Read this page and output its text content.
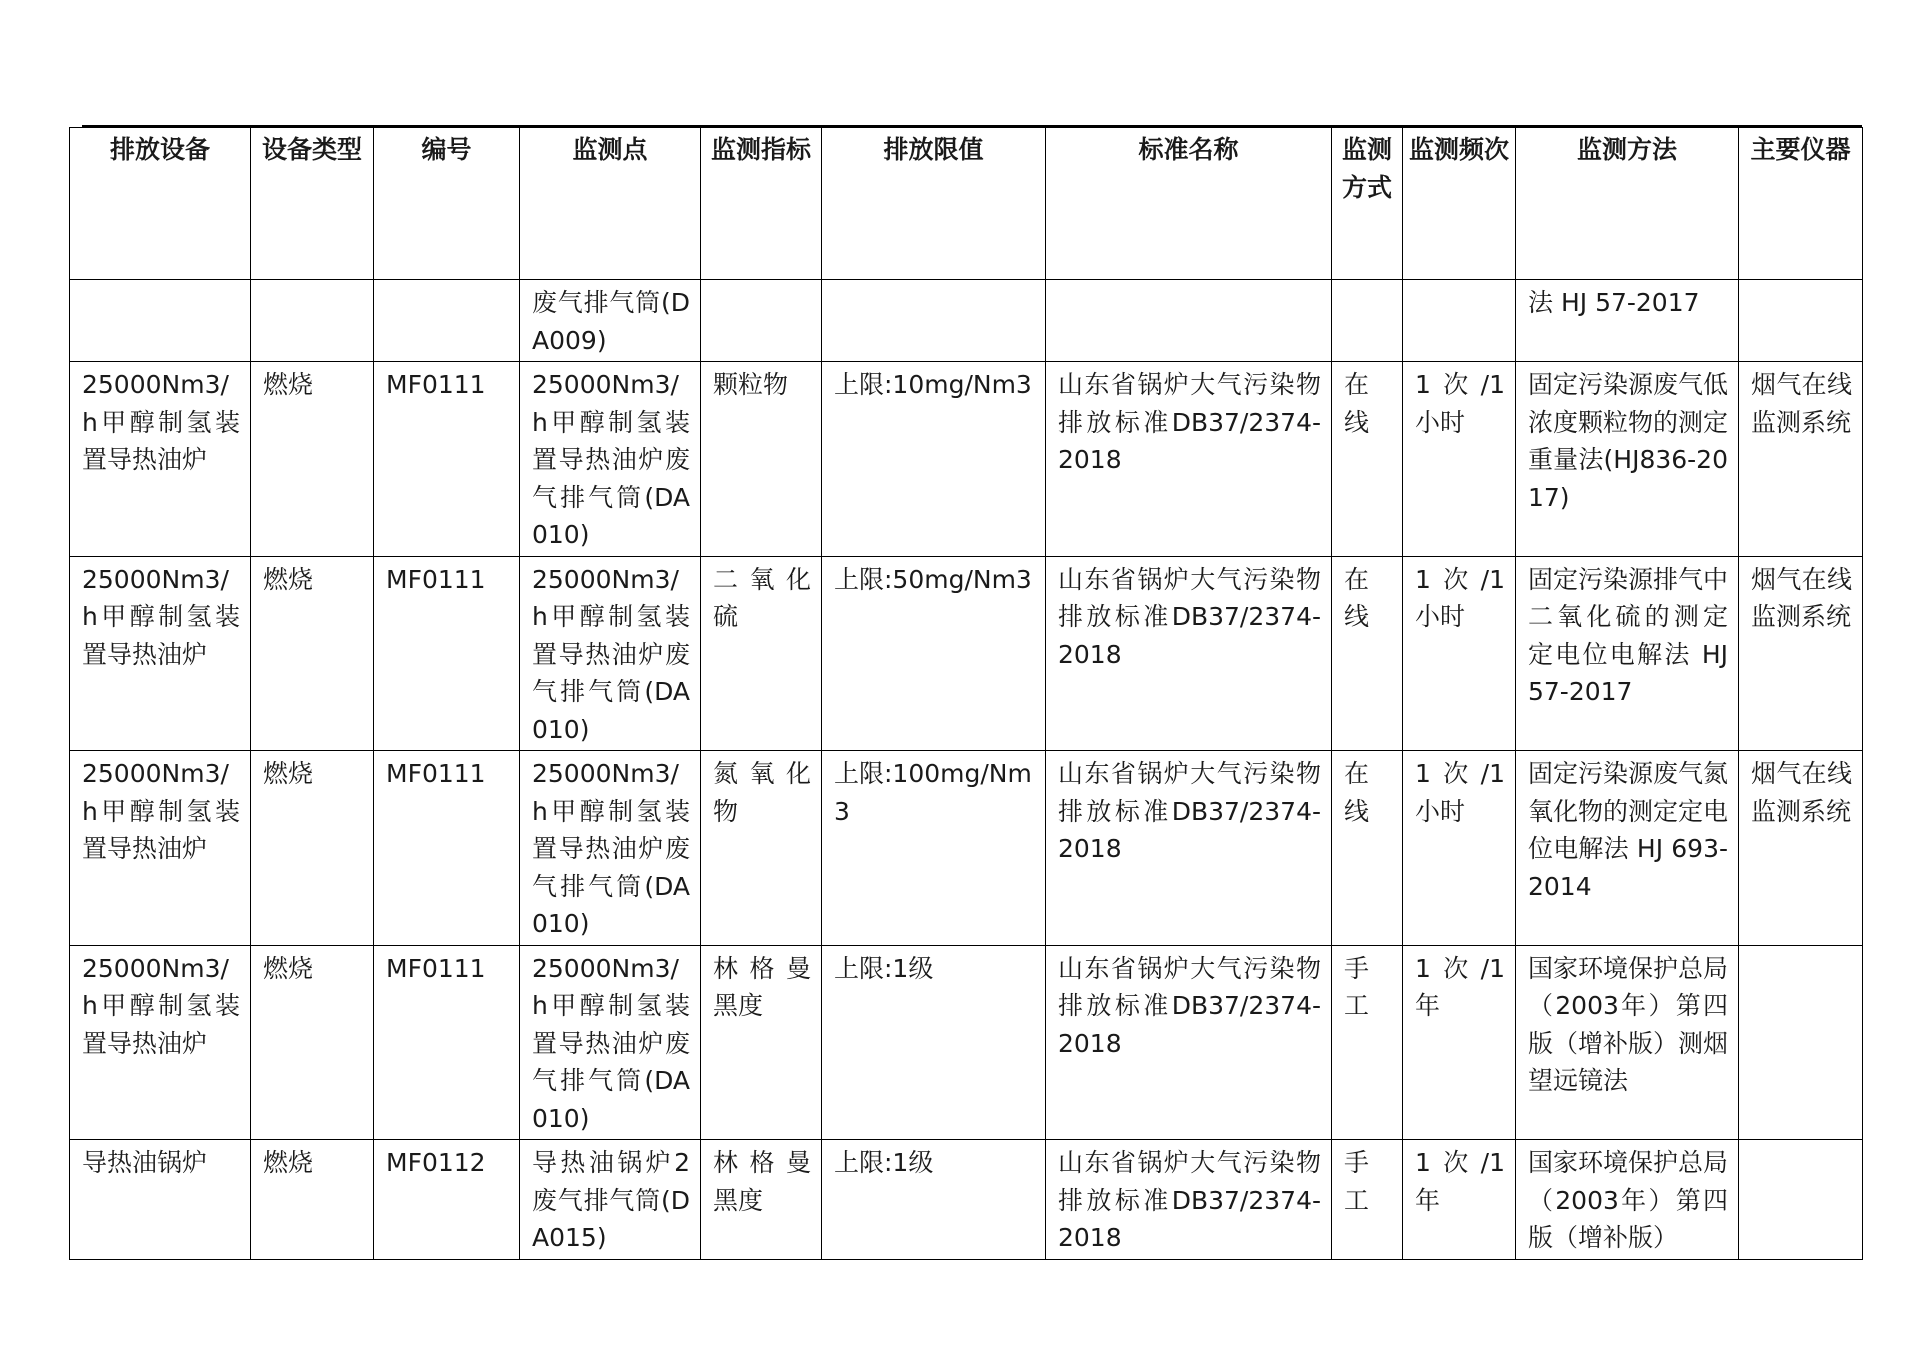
排放设备	设备类型	编号	监测点	监测指标	排放限值	标准名称	监测方式	监测频次	监测方法	主要仪器
			废气排气筒(DA009)						法 HJ 57-2017	
25000Nm3/h甲醇制氢装置导热油炉	燃烧	MF0111	25000Nm3/h甲醇制氢装置导热油炉废气排气筒(DA010)	颗粒物	上限:10mg/Nm3	山东省锅炉大气污染物排放标准DB37/2374-2018	在线	1次/1小时	固定污染源废气低浓度颗粒物的测定 重量法(HJ836-2017)	烟气在线监测系统
25000Nm3/h甲醇制氢装置导热油炉	燃烧	MF0111	25000Nm3/h甲醇制氢装置导热油炉废气排气筒(DA010)	二氧化硫	上限:50mg/Nm3	山东省锅炉大气污染物排放标准DB37/2374-2018	在线	1次/1小时	固定污染源排气中二氧化硫的测定 定电位电解法 HJ 57-2017	烟气在线监测系统
25000Nm3/h甲醇制氢装置导热油炉	燃烧	MF0111	25000Nm3/h甲醇制氢装置导热油炉废气排气筒(DA010)	氮氧化物	上限:100mg/Nm3	山东省锅炉大气污染物排放标准DB37/2374-2018	在线	1次/1小时	固定污染源废气氮氧化物的测定定电位电解法 HJ 693-2014	烟气在线监测系统
25000Nm3/h甲醇制氢装置导热油炉	燃烧	MF0111	25000Nm3/h甲醇制氢装置导热油炉废气排气筒(DA010)	林格曼黑度	上限:1级	山东省锅炉大气污染物排放标准DB37/2374-2018	手工	1次/1年	国家环境保护总局（2003年）第四版（增补版）测烟望远镜法	
导热油锅炉	燃烧	MF0112	导热油锅炉2废气排气筒(DA015)	林格曼黑度	上限:1级	山东省锅炉大气污染物排放标准DB37/2374-2018	手工	1次/1年	国家环境保护总局（2003年）第四版（增补版）	
